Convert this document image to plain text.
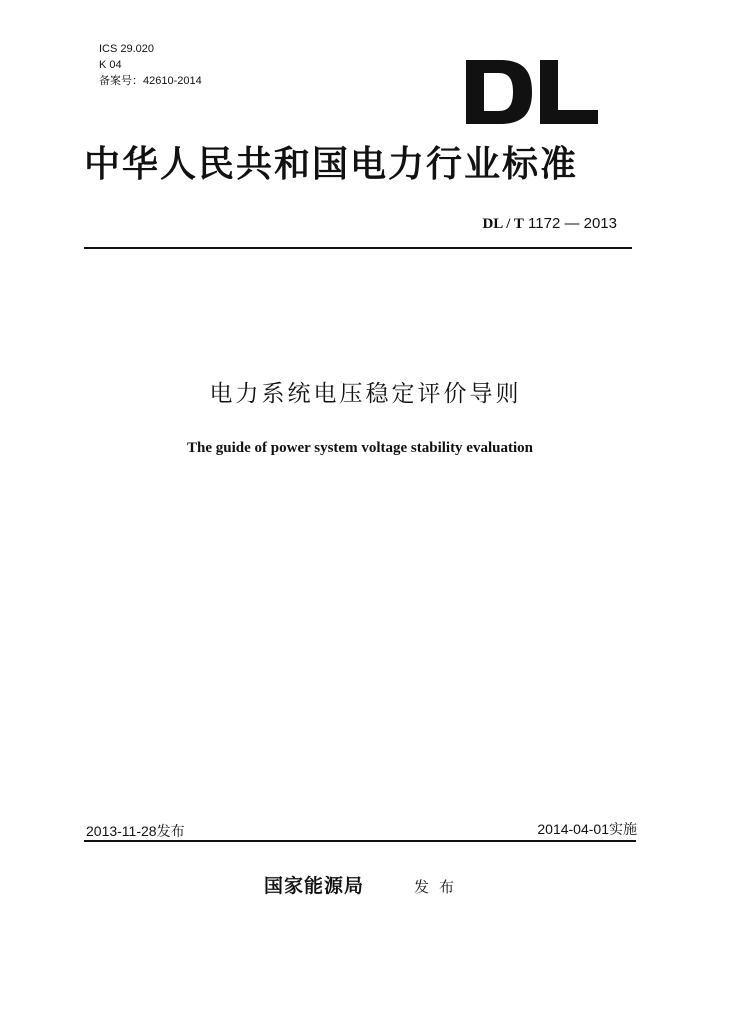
ICS 29.020
K 04
备案号：42610-2014
中华人民共和国电力行业标准
DL / T 1172 — 2013
电力系统电压稳定评价导则
The guide of power system voltage stability evaluation
2013-11-28发布	2014-04-01实施
国家能源局	发布
